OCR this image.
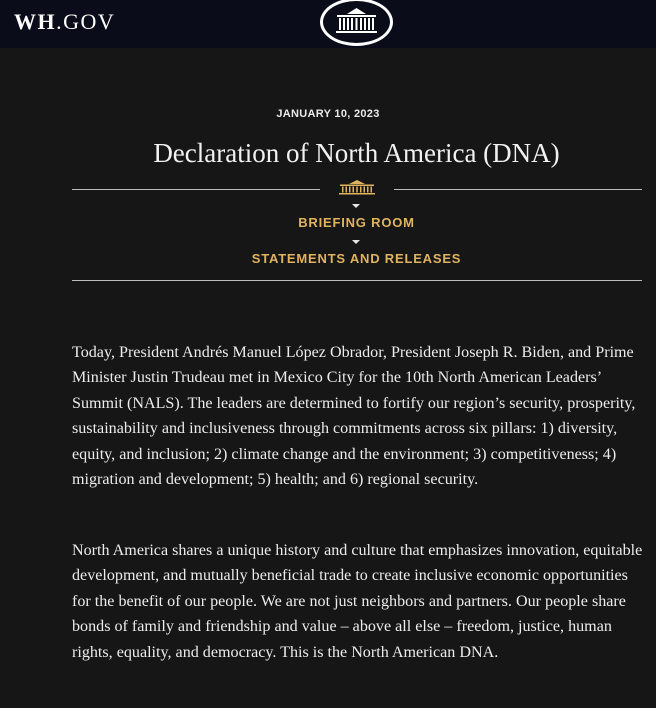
WH.GOV
JANUARY 10, 2023
Declaration of North America (DNA)
BRIEFING ROOM
STATEMENTS AND RELEASES

Today, President Andrés Manuel López Obrador, President Joseph R. Biden, and Prime Minister Justin Trudeau met in Mexico City for the 10th North American Leaders’ Summit (NALS). The leaders are determined to fortify our region’s security, prosperity, sustainability and inclusiveness through commitments across six pillars: 1) diversity, equity, and inclusion; 2) climate change and the environment; 3) competitiveness; 4) migration and development; 5) health; and 6) regional security.

North America shares a unique history and culture that emphasizes innovation, equitable development, and mutually beneficial trade to create inclusive economic opportunities for the benefit of our people. We are not just neighbors and partners. Our people share bonds of family and friendship and value – above all else – freedom, justice, human rights, equality, and democracy. This is the North American DNA.
